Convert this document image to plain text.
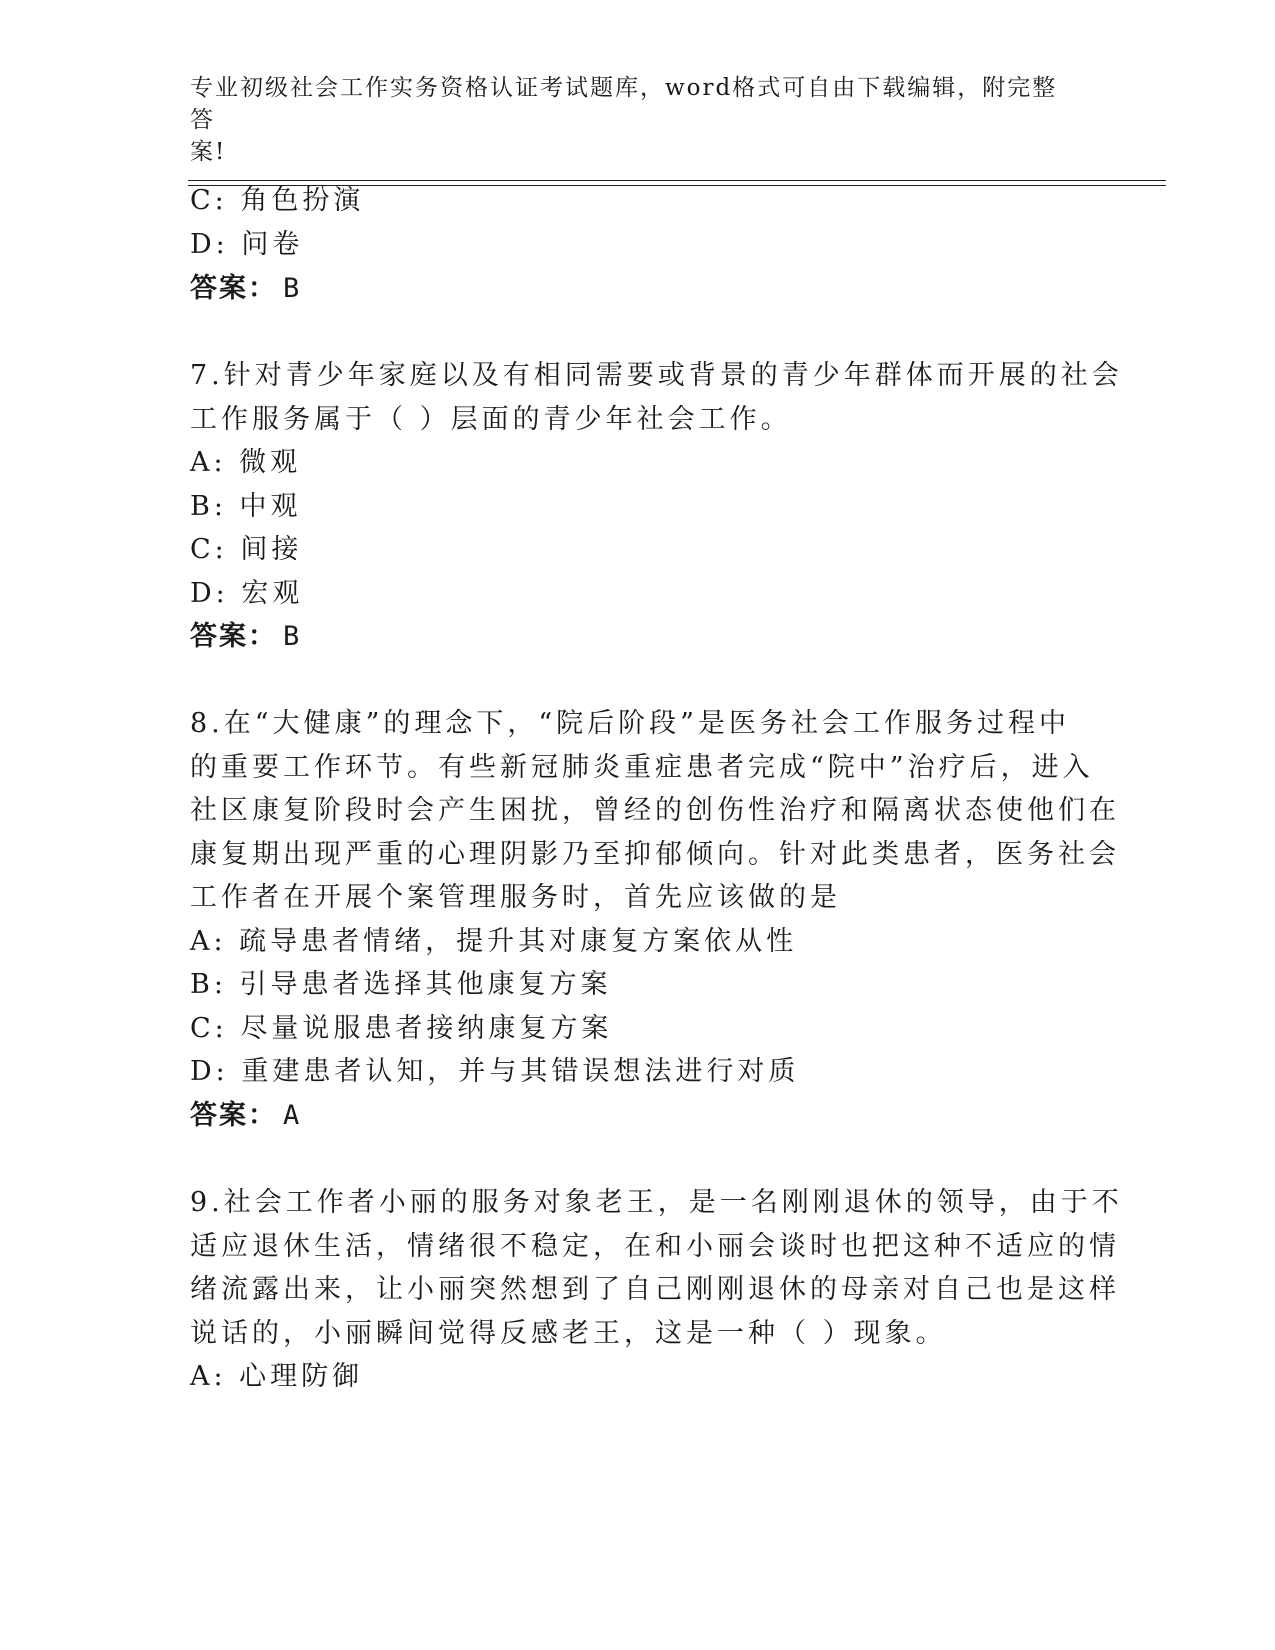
专业初级社会工作实务资格认证考试题库，word格式可自由下载编辑，附完整答
案!
C: 角色扮演
D: 问卷
答案： B
7.针对青少年家庭以及有相同需要或背景的青少年群体而开展的社会
工作服务属于（ ）层面的青少年社会工作。
A: 微观
B: 中观
C: 间接
D: 宏观
答案： B
8.在“大健康”的理念下，“院后阶段”是医务社会工作服务过程中
的重要工作环节。有些新冠肺炎重症患者完成“院中”治疗后，进入
社区康复阶段时会产生困扰，曾经的创伤性治疗和隔离状态使他们在
康复期出现严重的心理阴影乃至抑郁倾向。针对此类患者，医务社会
工作者在开展个案管理服务时，首先应该做的是
A: 疏导患者情绪，提升其对康复方案依从性
B: 引导患者选择其他康复方案
C: 尽量说服患者接纳康复方案
D: 重建患者认知，并与其错误想法进行对质
答案： A
9.社会工作者小丽的服务对象老王，是一名刚刚退休的领导，由于不
适应退休生活，情绪很不稳定，在和小丽会谈时也把这种不适应的情
绪流露出来，让小丽突然想到了自己刚刚退休的母亲对自己也是这样
说话的，小丽瞬间觉得反感老王，这是一种（ ）现象。
A: 心理防御
